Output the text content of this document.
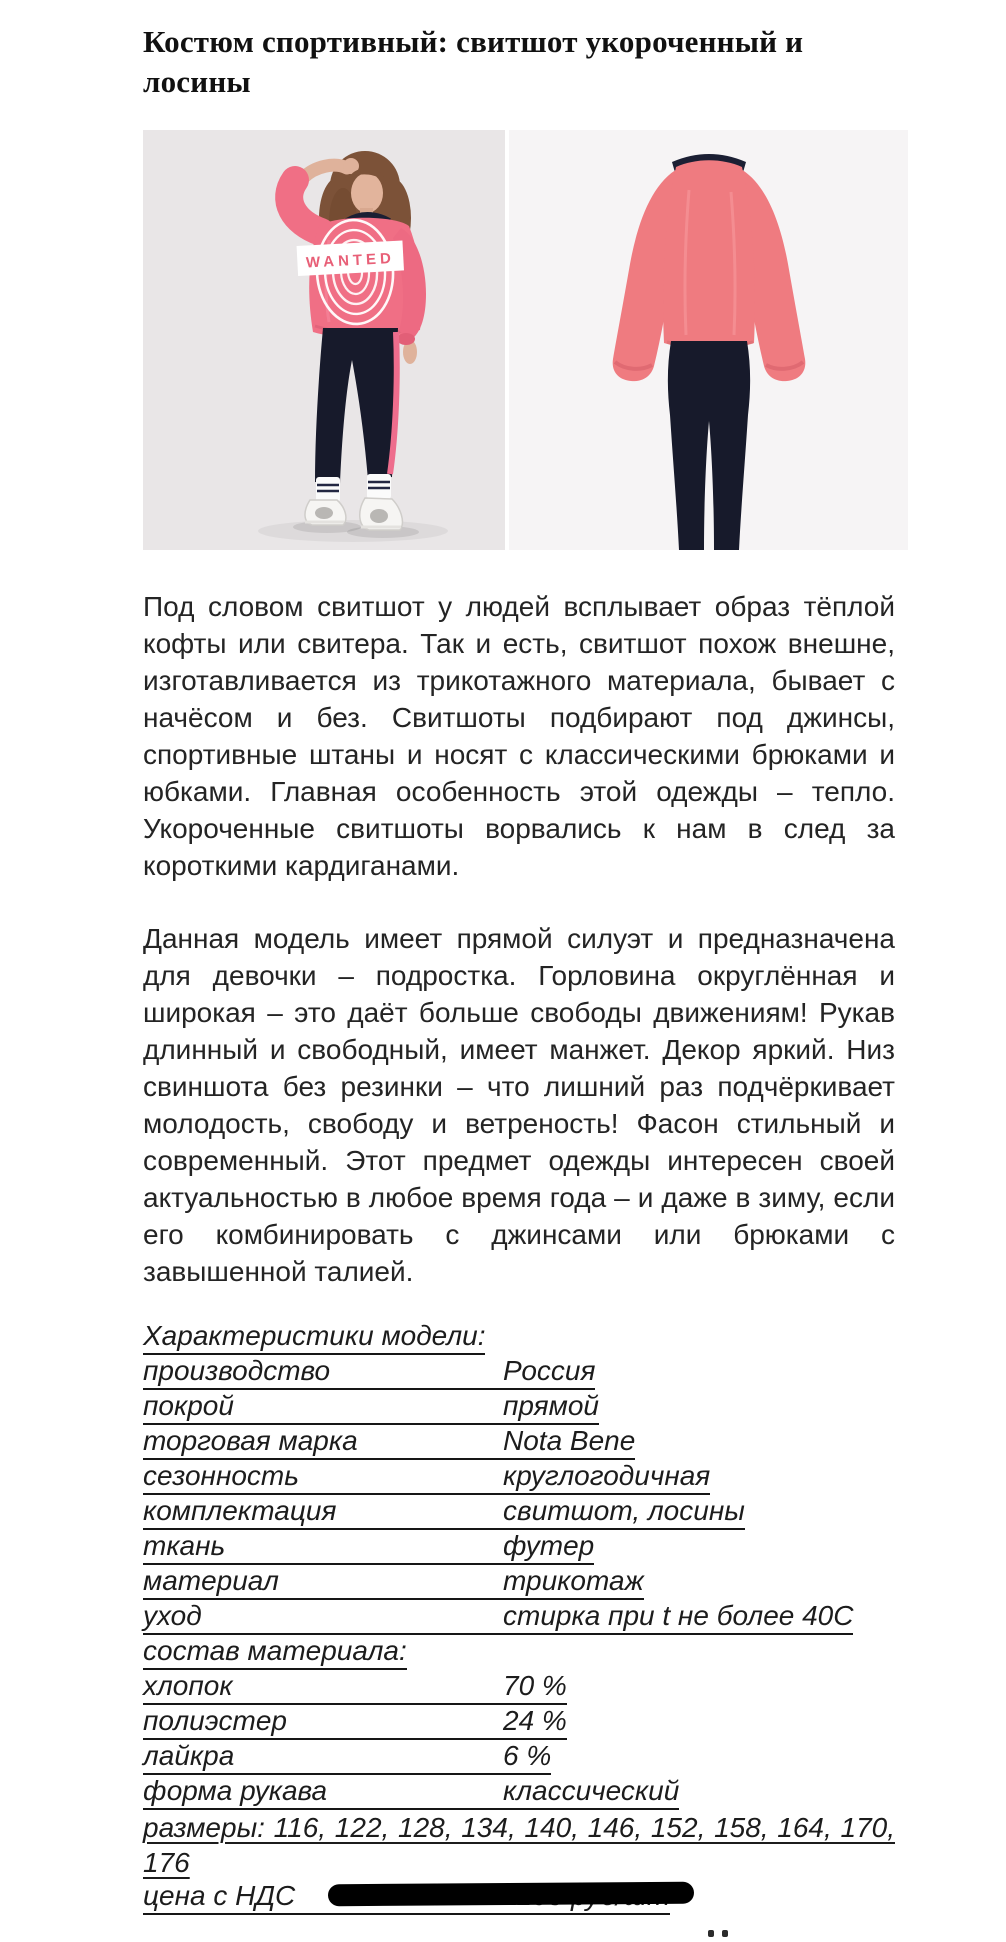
Костюм спортивный: свитшот укороченный и лосины
WANTED

Под словом свитшот у людей всплывает образ тёплой кофты или свитера. Так и есть, свитшот похож внешне, изготавливается из трикотажного материала, бывает с начёсом и без. Свитшоты подбирают под джинсы, спортивные штаны и носят с классическими брюками и юбками. Главная особенность этой одежды – тепло. Укороченные свитшоты ворвались к нам в след за короткими кардиганами.

Данная модель имеет прямой силуэт и предназначена для девочки – подростка. Горловина округлённая и широкая – это даёт больше свободы движениям! Рукав длинный и свободный, имеет манжет. Декор яркий. Низ свиншота без резинки – что лишний раз подчёркивает молодость, свободу и ветреность! Фасон стильный и современный. Этот предмет одежды интересен своей актуальностью в любое время года – и даже в зиму, если его комбинировать с джинсами или брюками с завышенной талией.

Характеристики модели:
производство	Россия
покрой	прямой
торговая марка	Nota Bene
сезонность	круглогодичная
комплектация	свитшот, лосины
ткань	футер
материал	трикотаж
уход	стирка при t не более 40С
состав материала:
хлопок	70 %
полиэстер	24 %
лайкра	6 %
форма рукава	классический
размеры: 116, 122, 128, 134, 140, 146, 152, 158, 164, 170, 176
цена с НДС
